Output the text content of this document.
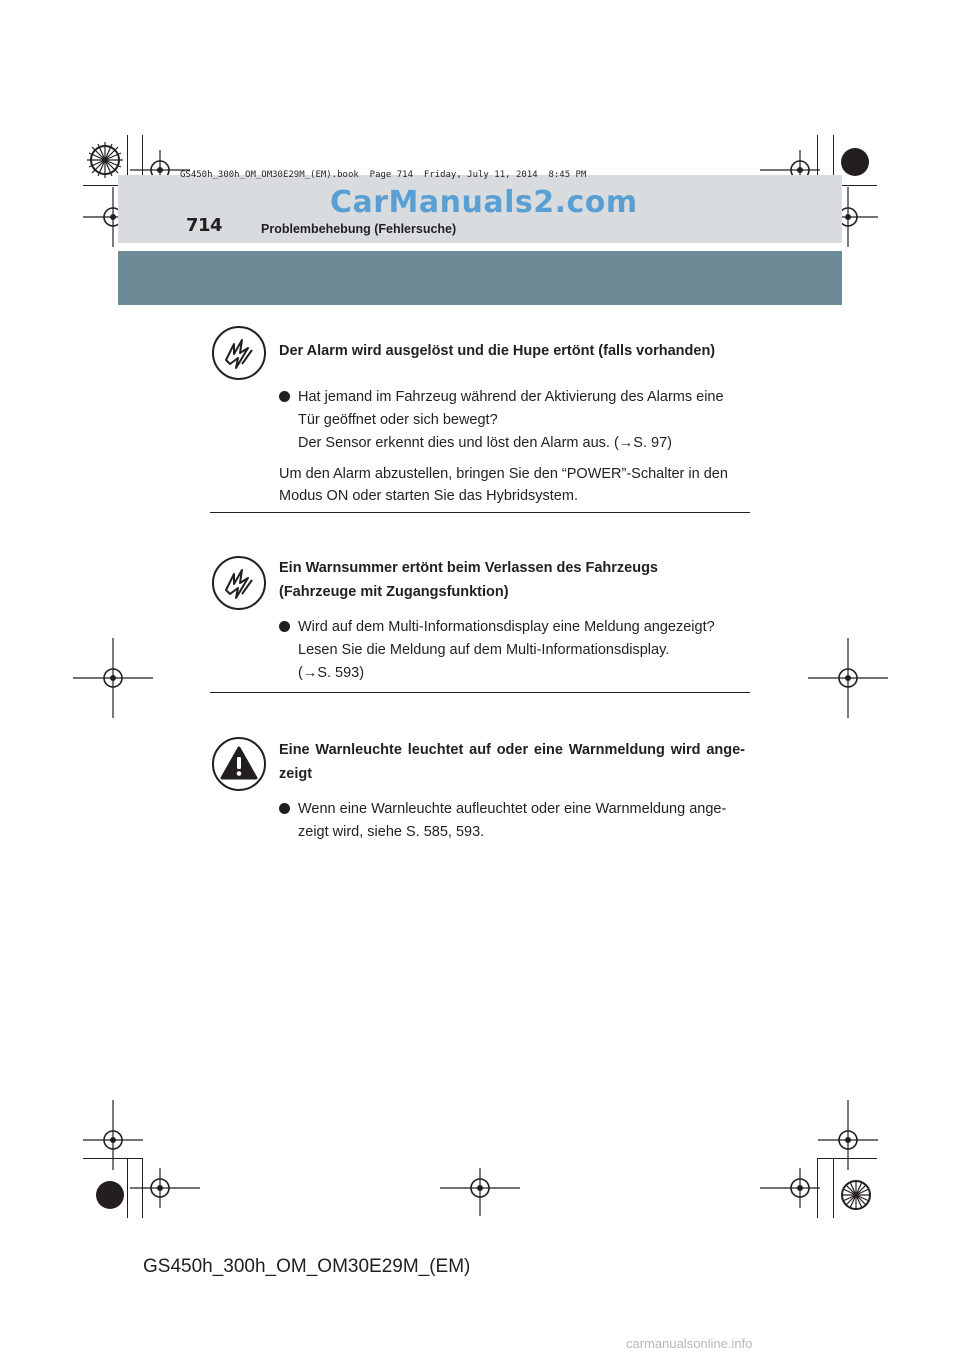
GS450h_300h_OM_OM30E29M_(EM).book  Page 714  Friday, July 11, 2014  8:45 PM
CarManuals2.com
714	Problembehebung (Fehlersuche)
Der Alarm wird ausgelöst und die Hupe ertönt (falls vorhanden)
Hat jemand im Fahrzeug während der Aktivierung des Alarms eine
Tür geöffnet oder sich bewegt?
Der Sensor erkennt dies und löst den Alarm aus. (→S. 97)
Um den Alarm abzustellen, bringen Sie den “POWER”-Schalter in den
Modus ON oder starten Sie das Hybridsystem.
Ein Warnsummer ertönt beim Verlassen des Fahrzeugs
(Fahrzeuge mit Zugangsfunktion)
Wird auf dem Multi-Informationsdisplay eine Meldung angezeigt?
Lesen Sie die Meldung auf dem Multi-Informationsdisplay.
(→S. 593)
Eine Warnleuchte leuchtet auf oder eine Warnmeldung wird ange-
zeigt
Wenn eine Warnleuchte aufleuchtet oder eine Warnmeldung ange-
zeigt wird, siehe S. 585, 593.
GS450h_300h_OM_OM30E29M_(EM)
carmanualsonline.info
